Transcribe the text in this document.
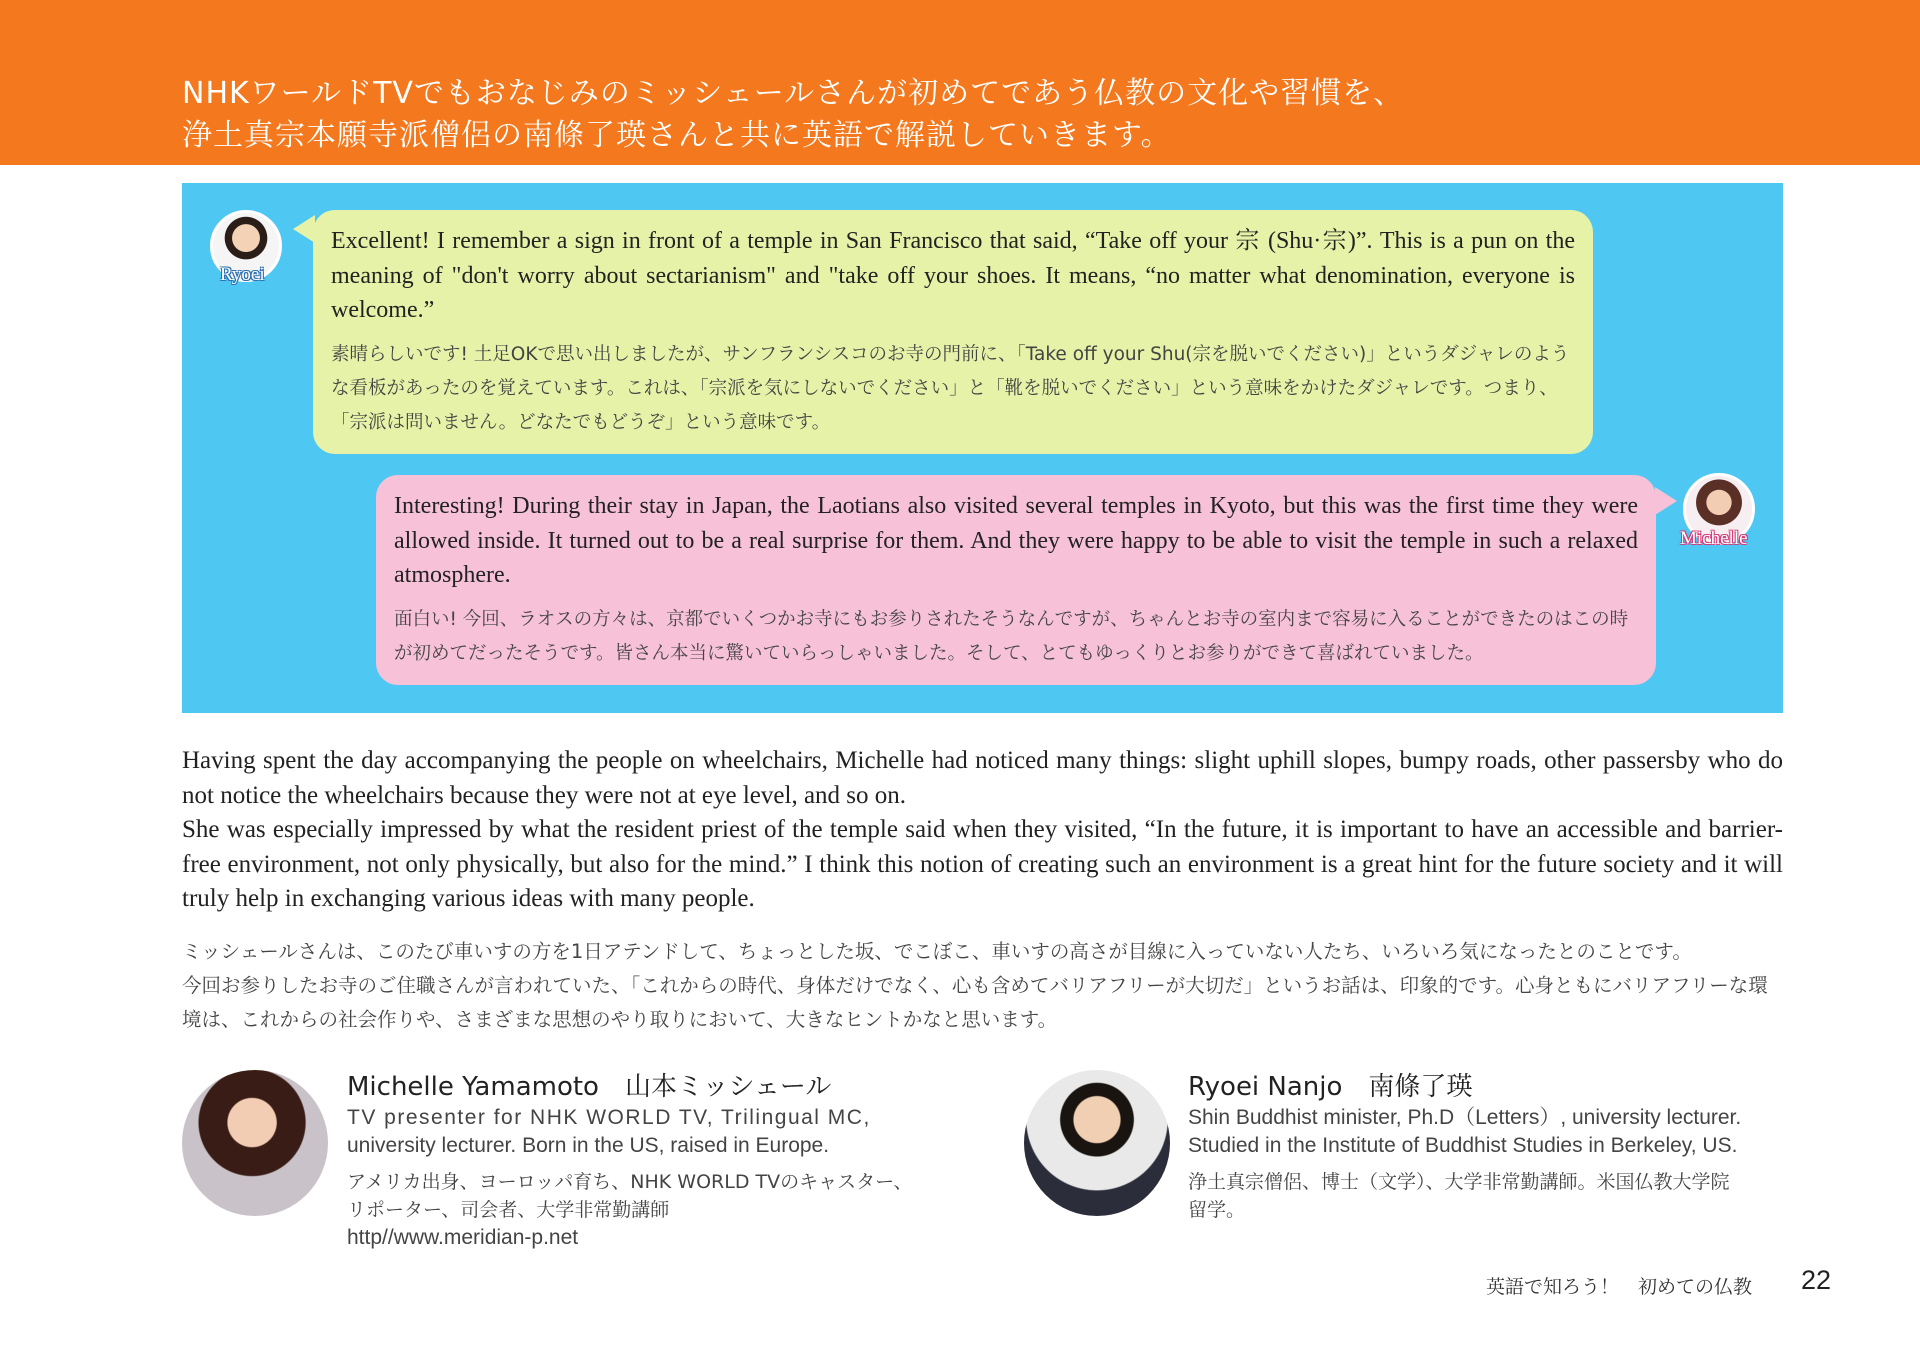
NHKワールドTVでもおなじみのミッシェールさんが初めてであう仏教の文化や習慣を、
浄土真宗本願寺派僧侶の南條了瑛さんと共に英語で解説していきます。
Ryoei

Excellent! I remember a sign in front of a temple in San Francisco that said, “Take off your 宗 (Shu·宗)”. This is a pun on the meaning of "don't worry about sectarianism" and "take off your shoes. It means, “no matter what denomination, everyone is welcome.”

素晴らしいです! 土足OKで思い出しましたが、サンフランシスコのお寺の門前に、「Take off your Shu(宗を脱いでください)」というダジャレのような看板があったのを覚えています。これは、「宗派を気にしないでください」と「靴を脱いでください」という意味をかけたダジャレです。つまり、「宗派は問いません。どなたでもどうぞ」という意味です。

Interesting! During their stay in Japan, the Laotians also visited several temples in Kyoto, but this was the first time they were allowed inside. It turned out to be a real surprise for them. And they were happy to be able to visit the temple in such a relaxed atmosphere.

面白い! 今回、ラオスの方々は、京都でいくつかお寺にもお参りされたそうなんですが、ちゃんとお寺の室内まで容易に入ることができたのはこの時が初めてだったそうです。皆さん本当に驚いていらっしゃいました。そして、とてもゆっくりとお参りができて喜ばれていました。

Michelle

Having spent the day accompanying the people on wheelchairs, Michelle had noticed many things: slight uphill slopes, bumpy roads, other passersby who do not notice the wheelchairs because they were not at eye level, and so on.

She was especially impressed by what the resident priest of the temple said when they visited, “In the future, it is important to have an accessible and barrier-free environment, not only physically, but also for the mind.” I think this notion of creating such an environment is a great hint for the future society and it will truly help in exchanging various ideas with many people.

ミッシェールさんは、このたび車いすの方を1日アテンドして、ちょっとした坂、でこぼこ、車いすの高さが目線に入っていない人たち、いろいろ気になったとのことです。

今回お参りしたお寺のご住職さんが言われていた、「これからの時代、身体だけでなく、心も含めてバリアフリーが大切だ」というお話は、印象的です。心身ともにバリアフリーな環境は、これからの社会作りや、さまざまな思想のやり取りにおいて、大きなヒントかなと思います。

Michelle Yamamoto　山本ミッシェール

TV presenter for NHK WORLD TV, Trilingual MC,

university lecturer. Born in the US, raised in Europe.

アメリカ出身、ヨーロッパ育ち、NHK WORLD TVのキャスター、

リポーター、司会者、大学非常勤講師

http//www.meridian-p.net

Ryoei Nanjo　南條了瑛

Shin Buddhist minister, Ph.D（Letters）, university lecturer.

Studied in the Institute of Buddhist Studies in Berkeley, US.

浄土真宗僧侶、博士（文学）、大学非常勤講師。米国仏教大学院

留学。

英語で知ろう！　初めての仏教 22
